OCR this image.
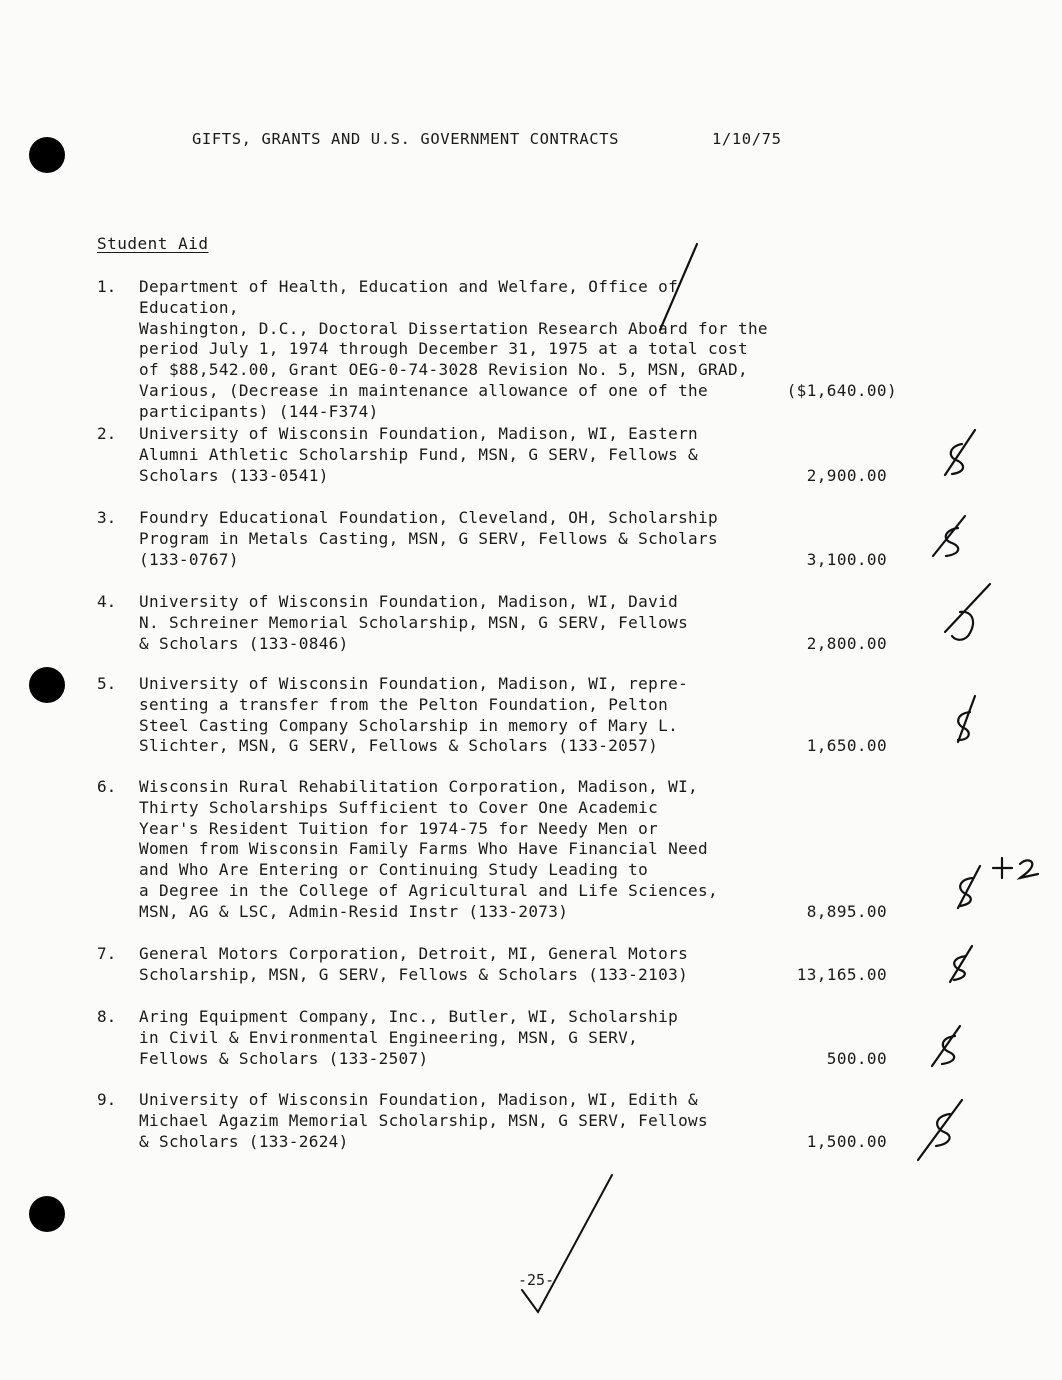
GIFTS, GRANTS AND U.S. GOVERNMENT CONTRACTS	1/10/75
Student Aid
1. Department of Health, Education and Welfare, Office of Education,
Washington, D.C., Doctoral Dissertation Research Aboard for the
period July 1, 1974 through December 31, 1975 at a total cost
of $88,542.00, Grant OEG-0-74-3028 Revision No. 5, MSN, GRAD,
Various, (Decrease in maintenance allowance of one of the
participants) (144-F374)
($1,640.00)
2. University of Wisconsin Foundation, Madison, WI, Eastern
Alumni Athletic Scholarship Fund, MSN, G SERV, Fellows &
Scholars (133-0541)	2,900.00
3. Foundry Educational Foundation, Cleveland, OH, Scholarship
Program in Metals Casting, MSN, G SERV, Fellows & Scholars
(133-0767)	3,100.00
4. University of Wisconsin Foundation, Madison, WI, David
N. Schreiner Memorial Scholarship, MSN, G SERV, Fellows
& Scholars (133-0846)	2,800.00
5. University of Wisconsin Foundation, Madison, WI, repre-
senting a transfer from the Pelton Foundation, Pelton
Steel Casting Company Scholarship in memory of Mary L.
Slichter, MSN, G SERV, Fellows & Scholars (133-2057)	1,650.00
6. Wisconsin Rural Rehabilitation Corporation, Madison, WI,
Thirty Scholarships Sufficient to Cover One Academic
Year's Resident Tuition for 1974-75 for Needy Men or
Women from Wisconsin Family Farms Who Have Financial Need
and Who Are Entering or Continuing Study Leading to
a Degree in the College of Agricultural and Life Sciences,
MSN, AG & LSC, Admin-Resid Instr (133-2073)	8,895.00
7. General Motors Corporation, Detroit, MI, General Motors
Scholarship, MSN, G SERV, Fellows & Scholars (133-2103)	13,165.00
8. Aring Equipment Company, Inc., Butler, WI, Scholarship
in Civil & Environmental Engineering, MSN, G SERV,
Fellows & Scholars (133-2507)	500.00
9. University of Wisconsin Foundation, Madison, WI, Edith &
Michael Agazim Memorial Scholarship, MSN, G SERV, Fellows
& Scholars (133-2624)	1,500.00
-25-
